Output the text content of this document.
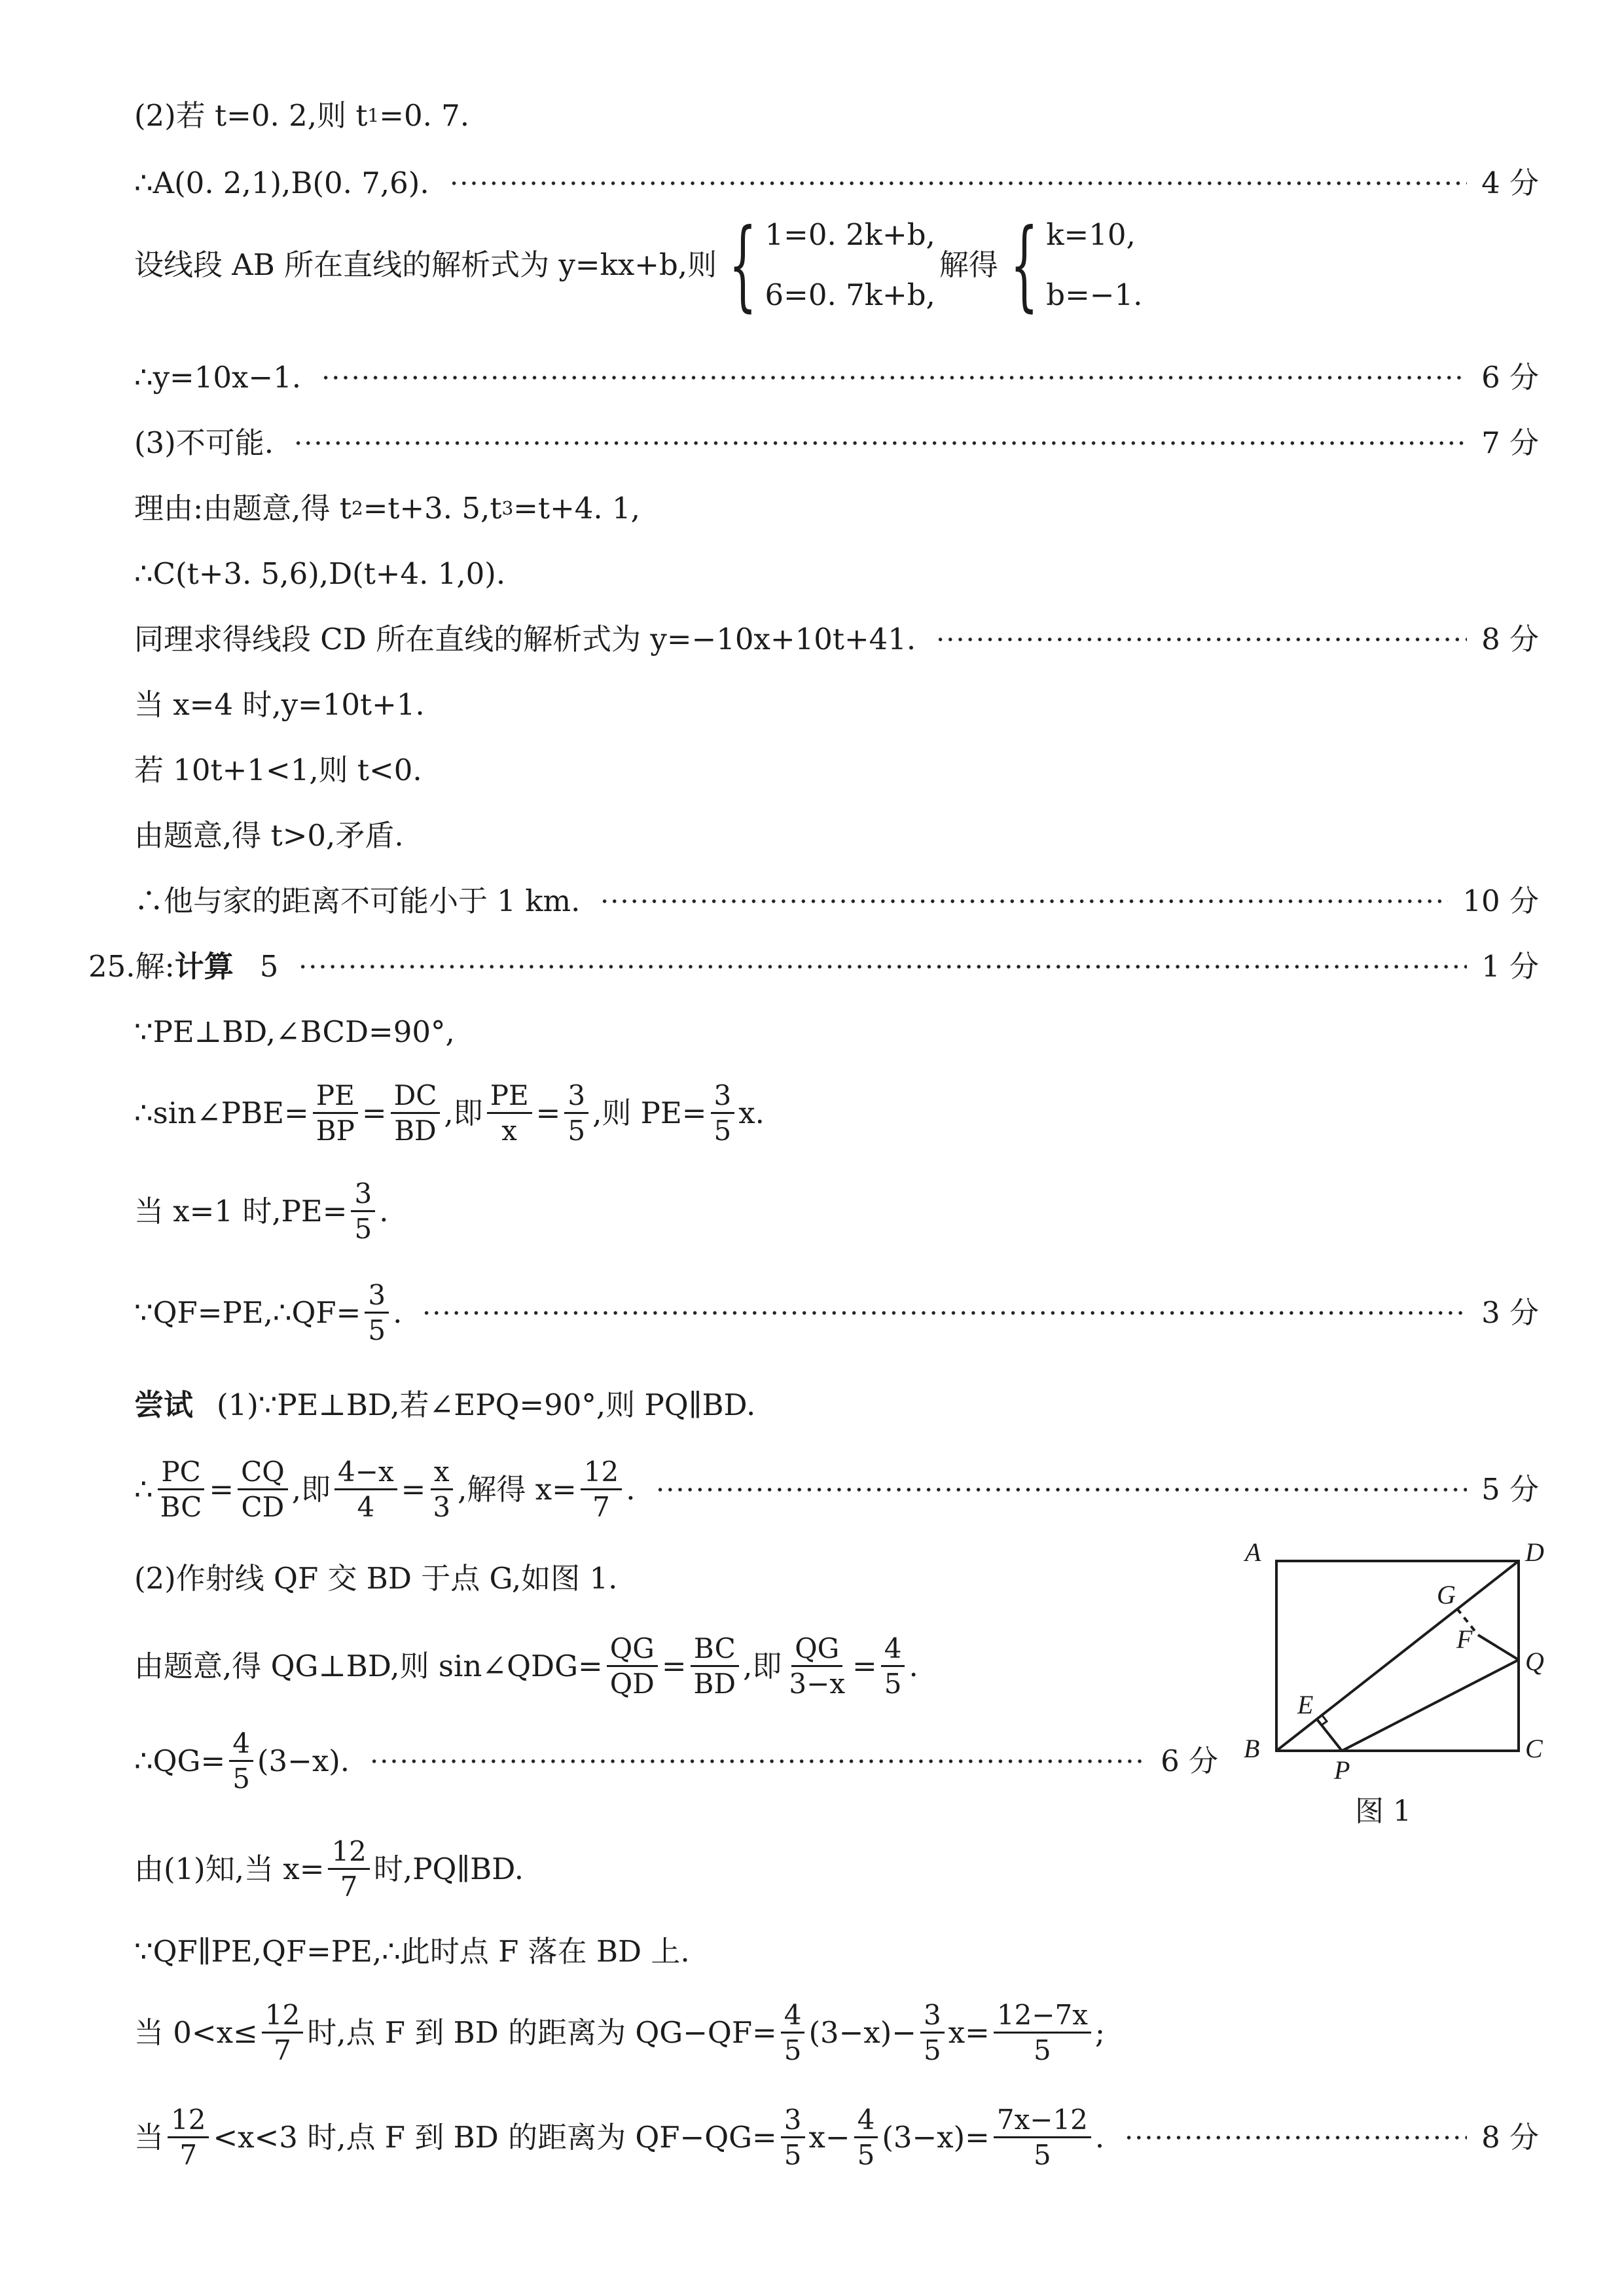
(2)若 t=0. 2,则 t 1 =0. 7.
∴A(0. 2,1),B(0. 7,6).	4 分
设线段 AB 所在直线的解析式为 y=kx+b,则 { 1=0. 2k+b,
6=0. 7k+b,
解得 { k=10,
b=−1.
∴y=10x−1.	6 分
(3)不可能.	7 分
理由:由题意,得 t 2 =t+3. 5,t 3 =t+4. 1,
∴C(t+3. 5,6),D(t+4. 1,0).
同理求得线段 CD 所在直线的解析式为 y=−10x+10t+41.	8 分
当 x=4 时,y=10t+1.
若 10t+1<1,则 t<0.
由题意,得 t>0,矛盾.
∴他与家的距离不可能小于 1 km.	10 分
25.解: 计算 5	1 分
∵PE⊥BD,∠BCD=90°,
∴sin∠PBE= $\frac{PE}{BP} = \frac{DC}{BD}$ ,即 $\frac{PE}{x} = \frac{3}{5}$ ,则 $PE= \frac{3}{5} x$.
当 x=1 时$,PE= \frac{3}{5}$ .
∵QF=PE,∴QF= $\frac{3}{5}$ .	3 分
尝试 (1)∵PE⊥BD,若∠EPQ=90°,则 PQ∥BD.
∴ $\frac{PC}{BC} = \frac{CQ}{CD}$ ,即 $\frac{4-x}{4} = \frac{x}{3}$ ,解得 $x= \frac{12}{7}$ .	5 分
(2)作射线 QF 交 BD 于点 G,如图 1.
由题意,得 QG⊥BD,则 sin∠QDG= $\frac{QG}{QD} = \frac{BC}{BD}$ ,即 $\frac{QG}{3-x} = \frac{4}{5}$ .
∴QG= $\frac{4}{5} (3-x)$.	6 分
由(1)知,当 $x= \frac{12}{7}$ 时,PQ∥BD.
∵QF∥PE,QF=PE,∴此时点 F 落在 BD 上.
当 $0<x\le \frac{12}{7}$ 时,点 F 到 BD 的距离为 $QG-QF= \frac{4}{5} (3-x)- \frac{3}{5} x= \frac{12-7x}{5}$ ;
当 $\frac{12}{7} <x<3$ 时,点 F 到 BD 的距离为 $QF-QG= \frac{3}{5} x- \frac{4}{5} (3-x)= \frac{7x-12}{5}$ .	8 分
A	D
G
F
Q
E
B
P
C
图 1
